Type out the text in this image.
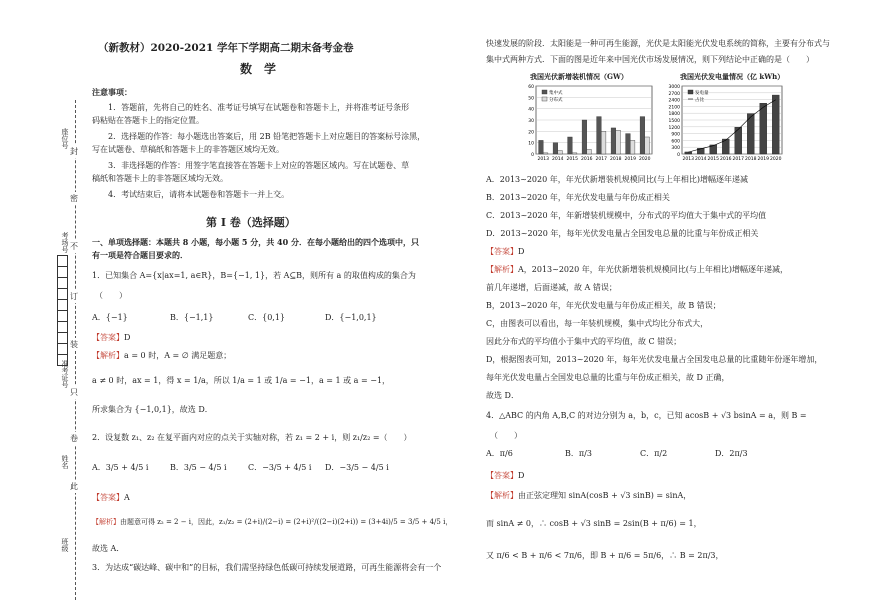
封
密
不
订
装
只
卷
此
座位号
考场号
准考证号
姓名
班级
（新教材）2020-2021 学年下学期高二期末备考金卷
数　学
注意事项：
1．答题前，先将自己的姓名、准考证号填写在试题卷和答题卡上，并将准考证号条形
码粘贴在答题卡上的指定位置。
2．选择题的作答：每小题选出答案后，用 2B 铅笔把答题卡上对应题目的答案标号涂黑，
写在试题卷、草稿纸和答题卡上的非答题区域均无效。
3．非选择题的作答：用签字笔直接答在答题卡上对应的答题区域内。写在试题卷、草
稿纸和答题卡上的非答题区域均无效。
4．考试结束后，请将本试题卷和答题卡一并上交。
第 I 卷（选择题）
一、单项选择题：本题共 8 小题，每小题 5 分，共 40 分．在每小题给出的四个选项中，只
有一项是符合题目要求的．
1．已知集合 A={x|ax=1, a∈R}，B={−1, 1}，若 A⊆B，则所有 a 的取值构成的集合为
（　　）
A．{−1}	B．{−1,1}	C．{0,1}	D．{−1,0,1}
【答案】D
【解析】a = 0 时，A = ∅ 满足题意；
a ≠ 0 时，ax = 1，得 x = 1/a，所以 1/a = 1 或 1/a = −1，a = 1 或 a = −1，
所求集合为 {−1,0,1}，故选 D．
2．设复数 z₁、z₂ 在复平面内对应的点关于实轴对称，若 z₁ = 2 + i，则 z₁/z₂ =（　　）
A．3/5 + 4/5 i	B．3/5 − 4/5 i	C．−3/5 + 4/5 i D．−3/5 − 4/5 i
【答案】A
【解析】由题意可得 z₂ = 2 − i，因此，z₁/z₂ = (2+i)/(2−i) = (2+i)²/((2−i)(2+i)) = (3+4i)/5 = 3/5 + 4/5 i，
故选 A．
3．为达成“碳达峰、碳中和”的目标，我们需坚持绿色低碳可持续发展道路，可再生能源将会有一个
快速发展的阶段．太阳能是一种可再生能源，光伏是太阳能光伏发电系统的简称，主要有分布式与
集中式两种方式．下面的图是近年来中国光伏市场发展情况，则下列结论中正确的是（　　）
我国光伏新增装机情况（GW）
0
10
20
30
40
50
60
2013 2014 2015 2016 2017 2018 2019 2020
集中式
分布式
我国光伏发电量情况（亿 kWh）
0
300
600
900
1200
1500
1800
2100
2400
2700
3000
2013 2014 2015 2016 2017 2018 2019 2020
发电量
占比
A．2013~2020 年，年光伏新增装机规模同比(与上年相比)增幅逐年递减
B．2013~2020 年，年光伏发电量与年份成正相关
C．2013~2020 年，年新增装机规模中，分布式的平均值大于集中式的平均值
D．2013~2020 年，每年光伏发电量占全国发电总量的比重与年份成正相关
【答案】D
【解析】A，2013~2020 年，年光伏新增装机规模同比(与上年相比)增幅逐年递减，
前几年递增，后面递减，故 A 错误；
B，2013~2020 年，年光伏发电量与年份成正相关，故 B 错误；
C，由图表可以看出，每一年装机规模，集中式均比分布式大，
因此分布式的平均值小于集中式的平均值，故 C 错误；
D，根据图表可知，2013~2020 年，每年光伏发电量占全国发电总量的比重随年份逐年增加，
每年光伏发电量占全国发电总量的比重与年份成正相关，故 D 正确，
故选 D．
4．△ABC 的内角 A,B,C 的对边分别为 a，b，c，已知 acosB + √3 bsinA = a，则 B =
（　　）
A．π/6	B．π/3	C．π/2	D．2π/3
【答案】D
【解析】由正弦定理知 sinA(cosB + √3 sinB) = sinA，
而 sinA ≠ 0，∴ cosB + √3 sinB = 2sin(B + π/6) = 1，
又 π/6 < B + π/6 < 7π/6，即 B + π/6 = 5π/6，∴ B = 2π/3，
